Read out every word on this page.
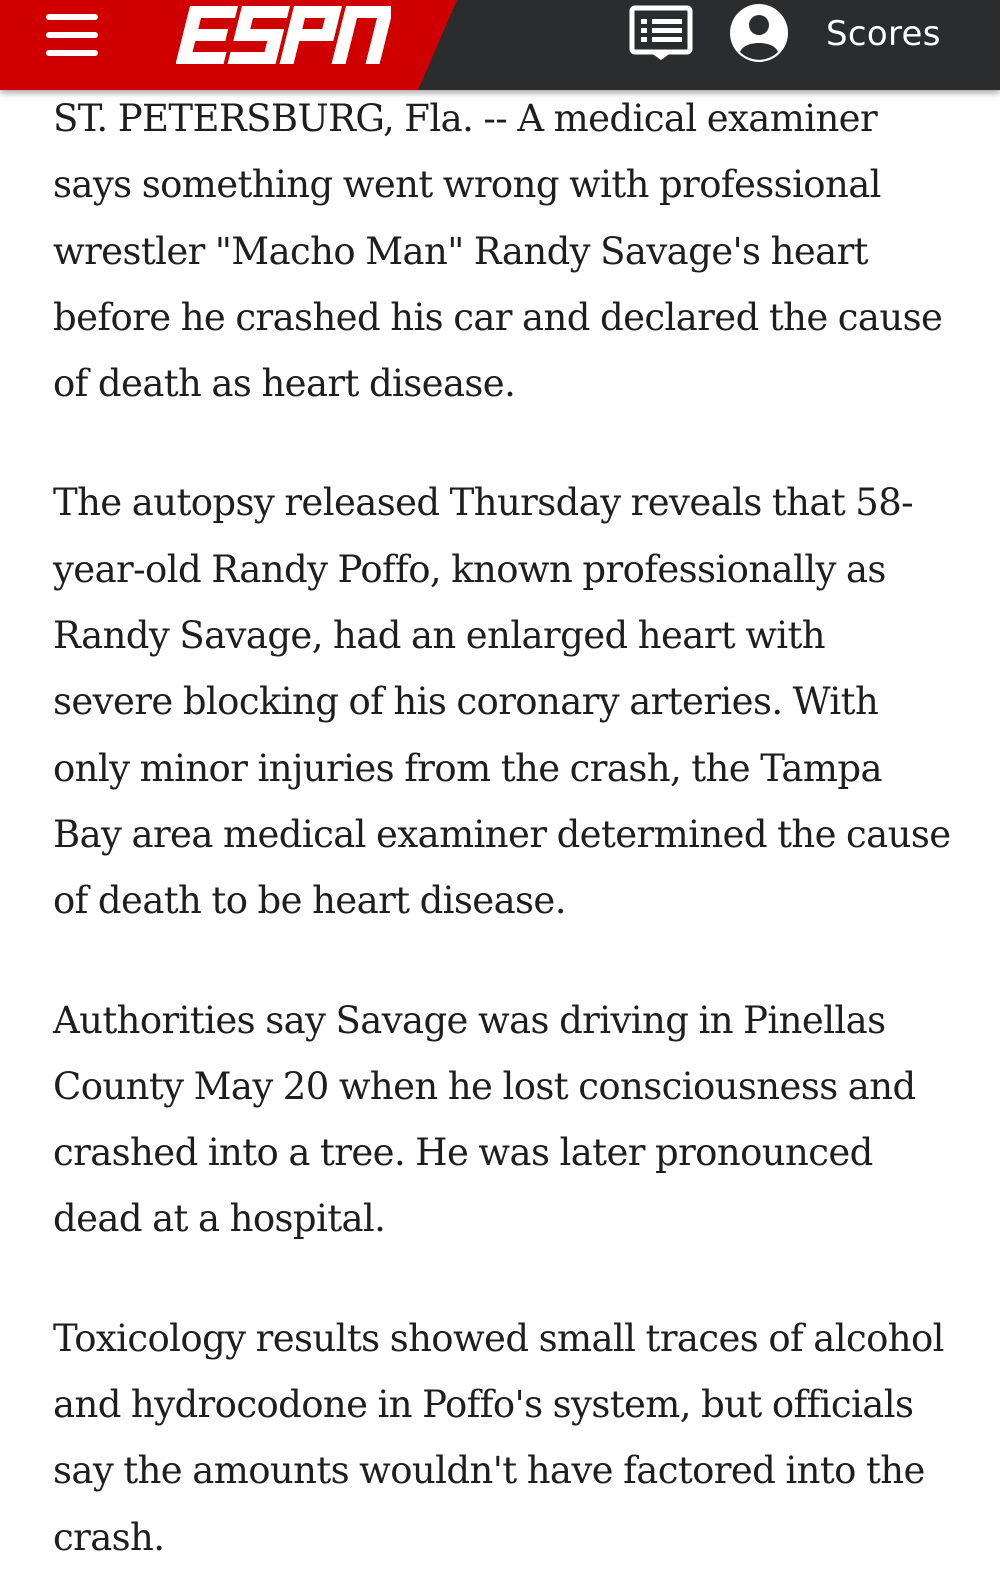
Scores

ST. PETERSBURG, Fla. -- A medical examiner says something went wrong with professional wrestler "Macho Man" Randy Savage's heart before he crashed his car and declared the cause of death as heart disease.

The autopsy released Thursday reveals that 58-year-old Randy Poffo, known professionally as Randy Savage, had an enlarged heart with severe blocking of his coronary arteries. With only minor injuries from the crash, the Tampa Bay area medical examiner determined the cause of death to be heart disease.

Authorities say Savage was driving in Pinellas County May 20 when he lost consciousness and crashed into a tree. He was later pronounced dead at a hospital.

Toxicology results showed small traces of alcohol and hydrocodone in Poffo's system, but officials say the amounts wouldn't have factored into the crash.
